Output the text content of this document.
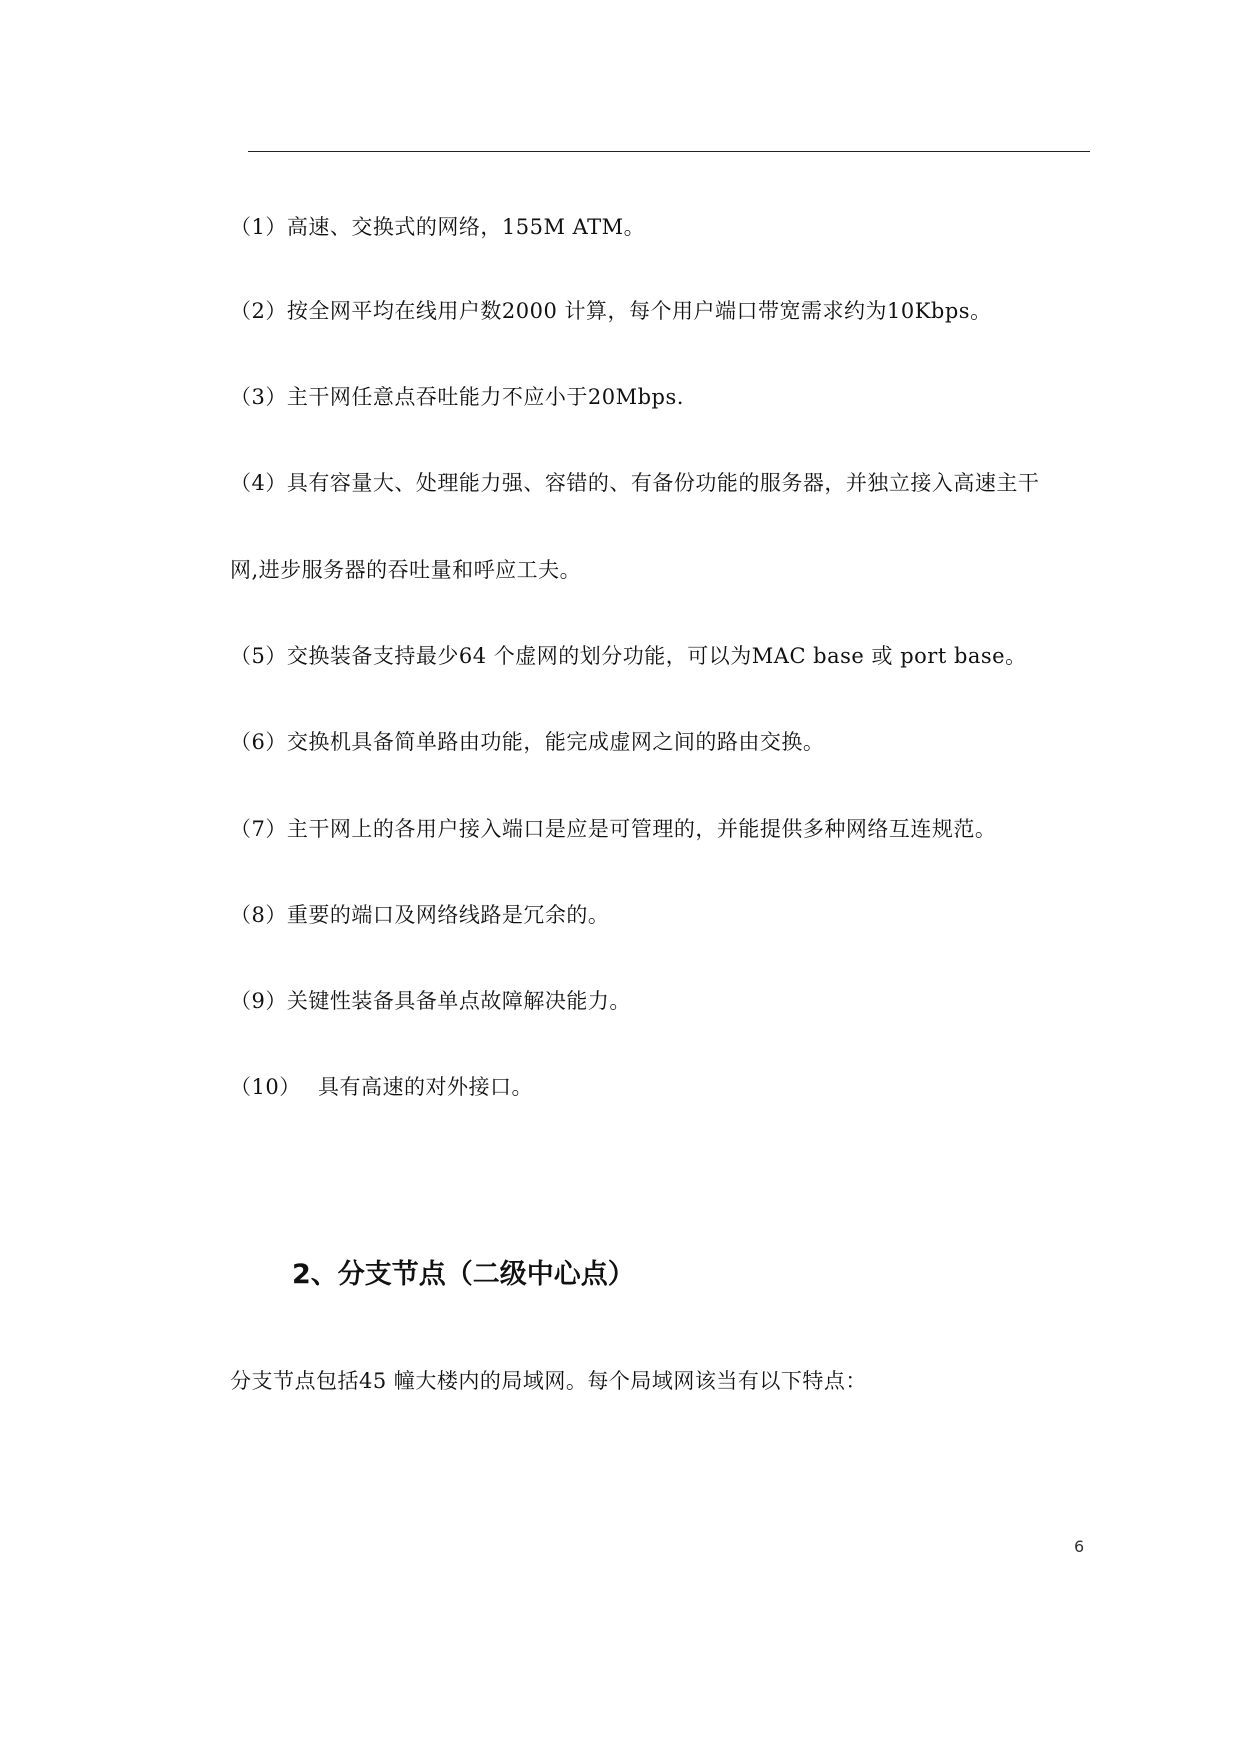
（1）高速、交换式的网络，155M ATM。
（2）按全网平均在线用户数2000 计算，每个用户端口带宽需求约为10Kbps。
（3）主干网任意点吞吐能力不应小于20Mbps.
（4）具有容量大、处理能力强、容错的、有备份功能的服务器，并独立接入高速主干
网,进步服务器的吞吐量和呼应工夫。
（5）交换装备支持最少64 个虚网的划分功能，可以为MAC base 或 port base。
（6）交换机具备简单路由功能，能完成虚网之间的路由交换。
（7）主干网上的各用户接入端口是应是可管理的，并能提供多种网络互连规范。
（8）重要的端口及网络线路是冗余的。
（9）关键性装备具备单点故障解决能力。
（10） 具有高速的对外接口。
2、分支节点（二级中心点）
分支节点包括45 幢大楼内的局域网。每个局域网该当有以下特点：
6
